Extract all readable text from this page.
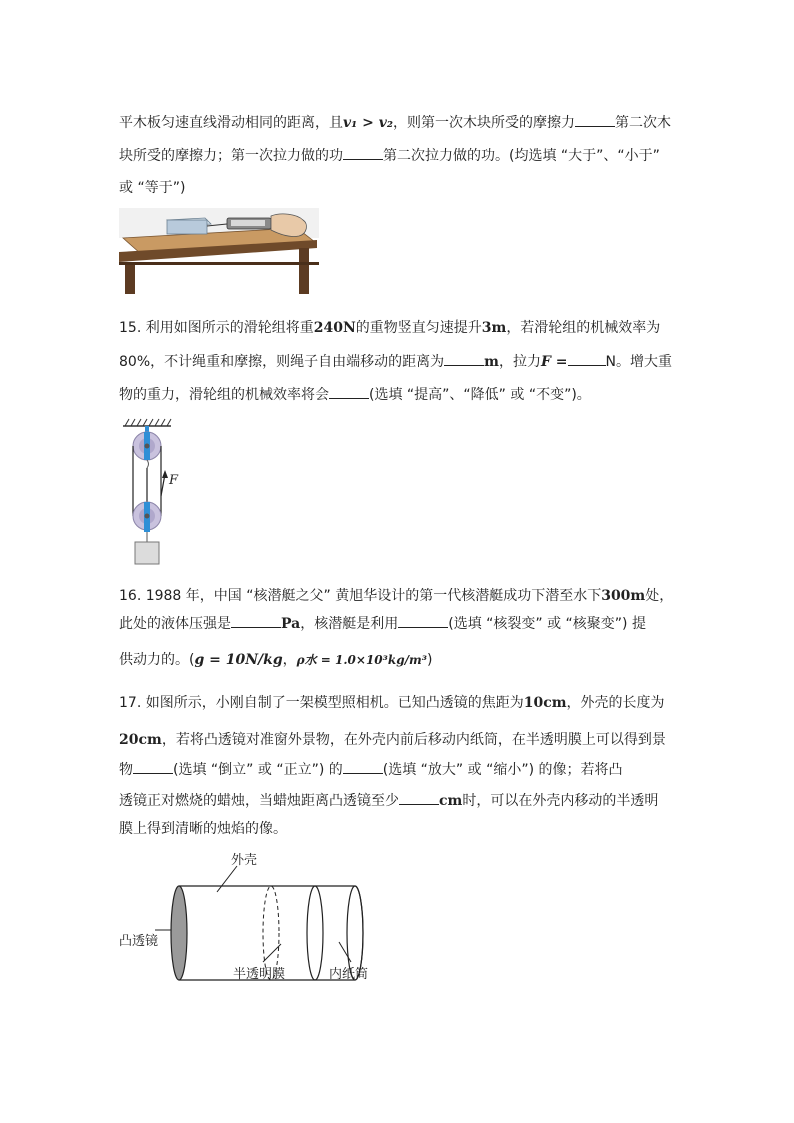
平木板匀速直线滑动相同的距离，且v₁ > v₂，则第一次木块所受的摩擦力	第二次木
块所受的摩擦力；第一次拉力做的功	第二次拉力做的功。(均选填 “大于”、“小于”
或 “等于”)
15. 利用如图所示的滑轮组将重240N的重物竖直匀速提升3m，若滑轮组的机械效率为
80%，不计绳重和摩擦，则绳子自由端移动的距离为	m，拉力F =	N。增大重
物的重力，滑轮组的机械效率将会	(选填 “提高”、“降低” 或 “不变”)。
F
16. 1988 年，中国 “核潜艇之父” 黄旭华设计的第一代核潜艇成功下潜至水下300m处，
此处的液体压强是	Pa，核潜艇是利用	(选填 “核裂变” 或 “核聚变”) 提
供动力的。(g = 10N/kg，ρ水 = 1.0×10³kg/m³)
17. 如图所示，小刚自制了一架模型照相机。已知凸透镜的焦距为10cm，外壳的长度为
20cm，若将凸透镜对准窗外景物，在外壳内前后移动内纸筒，在半透明膜上可以得到景
物	(选填 “倒立” 或 “正立”) 的	(选填 “放大” 或 “缩小”) 的像；若将凸
透镜正对燃烧的蜡烛，当蜡烛距离凸透镜至少	cm时，可以在外壳内移动的半透明
膜上得到清晰的烛焰的像。
外壳
凸透镜
半透明膜	内纸筒
